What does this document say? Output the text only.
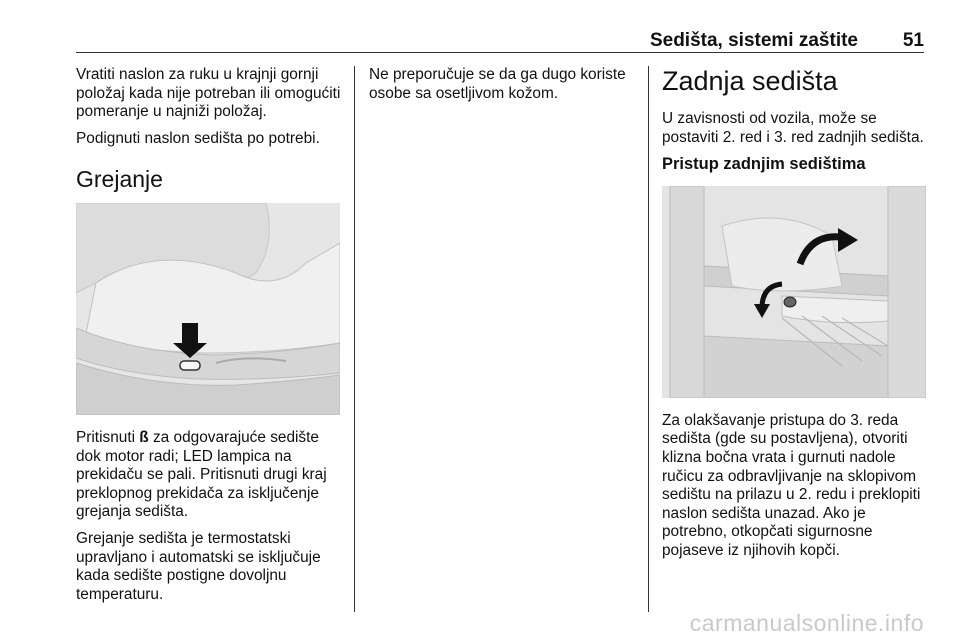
Sedišta, sistemi zaštite 51

Vratiti naslon za ruku u krajnji gornji položaj kada nije potreban ili omogućiti pomeranje u najniži položaj.

Podignuti naslon sedišta po potrebi.

Grejanje

Pritisnuti ß za odgovarajuće sedište dok motor radi; LED lampica na prekidaču se pali. Pritisnuti drugi kraj preklopnog prekidača za isključenje grejanja sedišta.

Grejanje sedišta je termostatski upravljano i automatski se isključuje kada sedište postigne dovoljnu temperaturu.

Ne preporučuje se da ga dugo koriste osobe sa osetljivom kožom.	Zadnja sedišta

U zavisnosti od vozila, može se postaviti 2. red i 3. red zadnjih sedišta.

Pristup zadnjim sedištima

Za olakšavanje pristupa do 3. reda sedišta (gde su postavljena), otvoriti klizna bočna vrata i gurnuti nadole ručicu za odbravljivanje na sklopivom sedištu na prilazu u 2. redu i preklopiti naslon sedišta unazad. Ako je potrebno, otkopčati sigurnosne pojaseve iz njihovih kopči.

carmanualsonline.info
